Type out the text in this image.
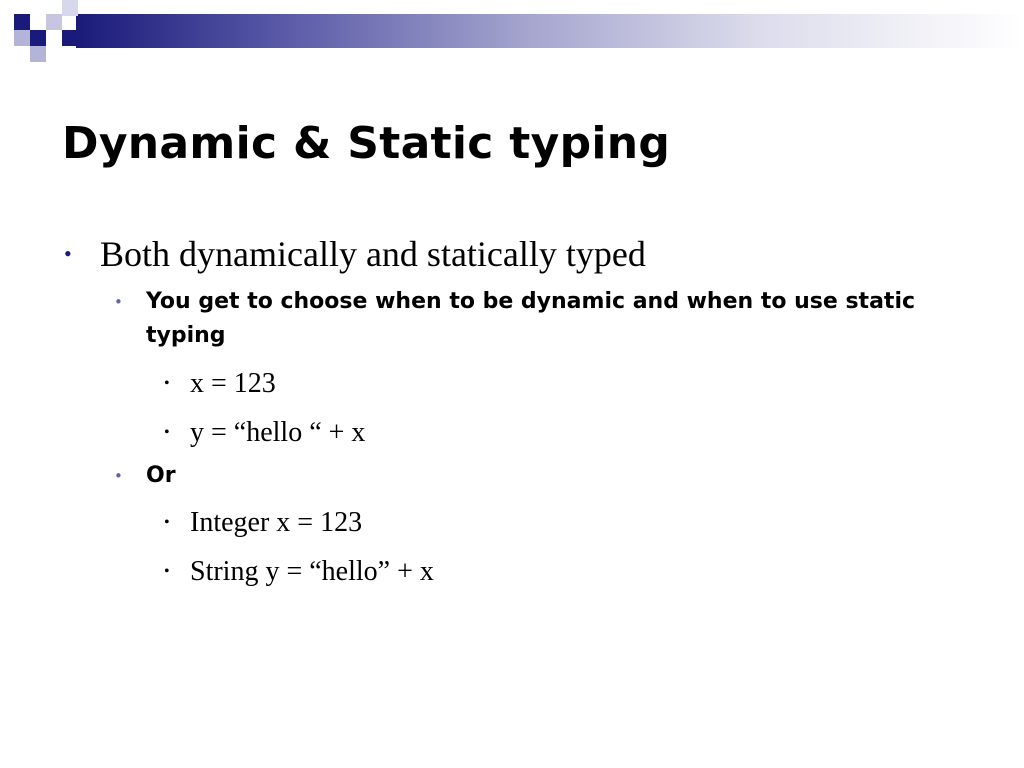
Dynamic & Static typing
• Both dynamically and statically typed
• You get to choose when to be dynamic and when to use static typing
• x = 123
• y = “hello “ + x
• Or
• Integer x = 123
• String y = “hello” + x
